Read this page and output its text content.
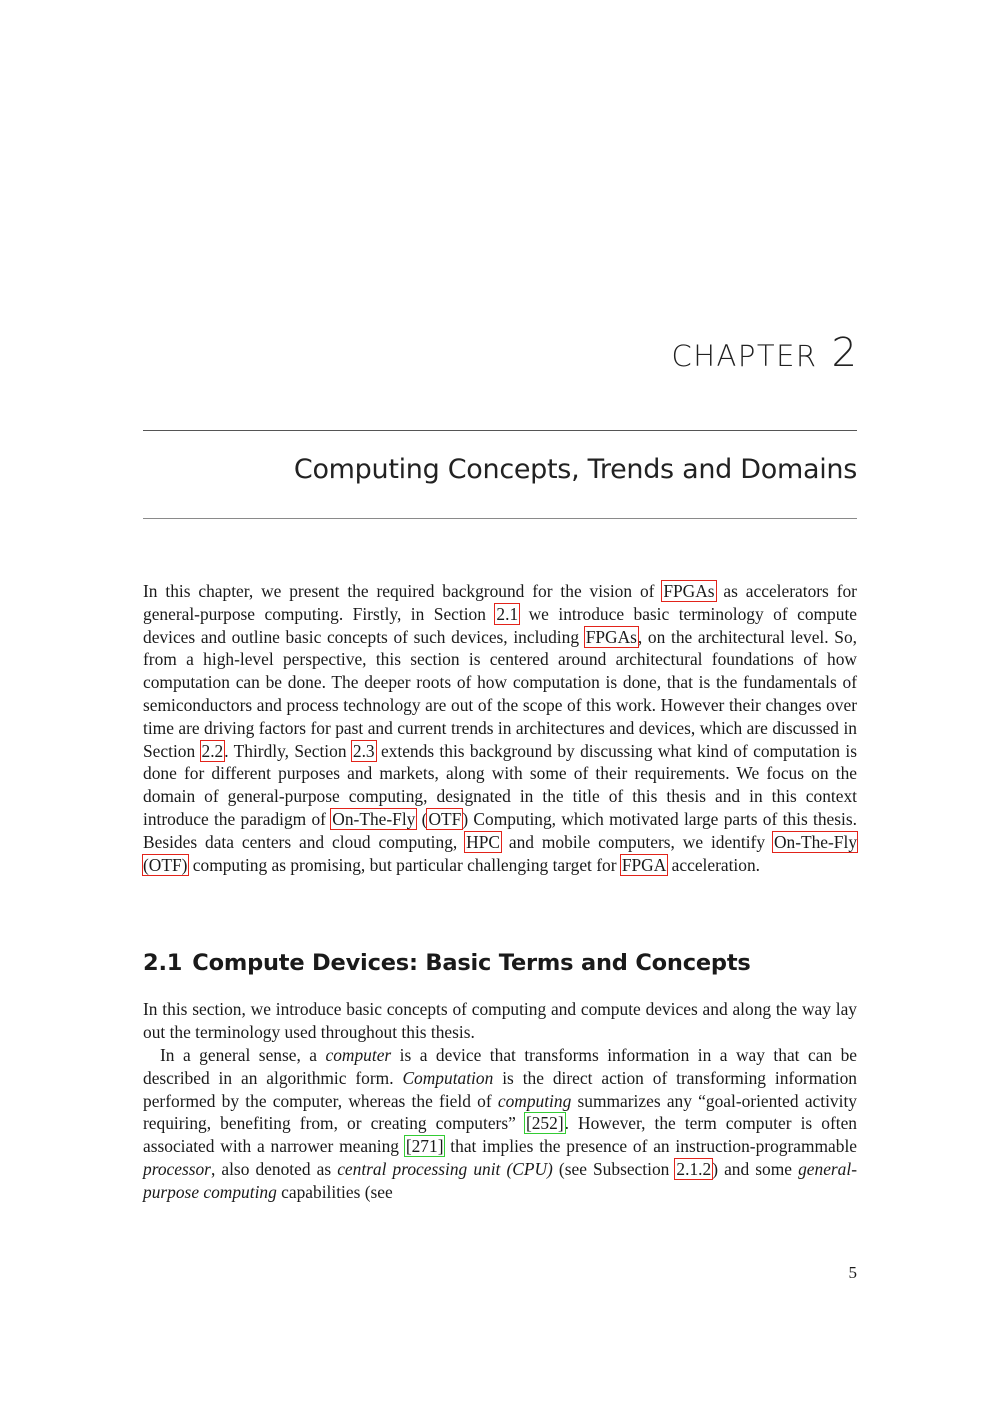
CHAPTER 2
Computing Concepts, Trends and Domains

In this chapter, we present the required background for the vision of FPGAs as accelerators for general-purpose computing. Firstly, in Section 2.1 we introduce basic terminology of compute devices and outline basic concepts of such devices, including FPGAs, on the architectural level. So, from a high-level perspective, this section is centered around architectural foundations of how computation can be done. The deeper roots of how computation is done, that is the fundamentals of semiconductors and process technology are out of the scope of this work. However their changes over time are driving factors for past and current trends in architectures and devices, which are discussed in Section 2.2. Thirdly, Section 2.3 extends this background by discussing what kind of computation is done for different purposes and markets, along with some of their requirements. We focus on the domain of general-purpose computing, designated in the title of this thesis and in this context introduce the paradigm of On-The-Fly (OTF) Computing, which motivated large parts of this thesis. Besides data centers and cloud computing, HPC and mobile computers, we identify On-The-Fly (OTF) computing as promising, but particular challenging target for FPGA acceleration.

2.1 Compute Devices: Basic Terms and Concepts

In this section, we introduce basic concepts of computing and compute devices and along the way lay out the terminology used throughout this thesis.

In a general sense, a computer is a device that transforms information in a way that can be described in an algorithmic form. Computation is the direct action of transforming information performed by the computer, whereas the field of computing summarizes any “goal-oriented activity requiring, benefiting from, or creating computers” [252]. However, the term computer is often associated with a narrower meaning [271] that implies the presence of an instruction-programmable processor, also denoted as central processing unit (CPU) (see Subsection 2.1.2) and some general-purpose computing capabilities (see

5
